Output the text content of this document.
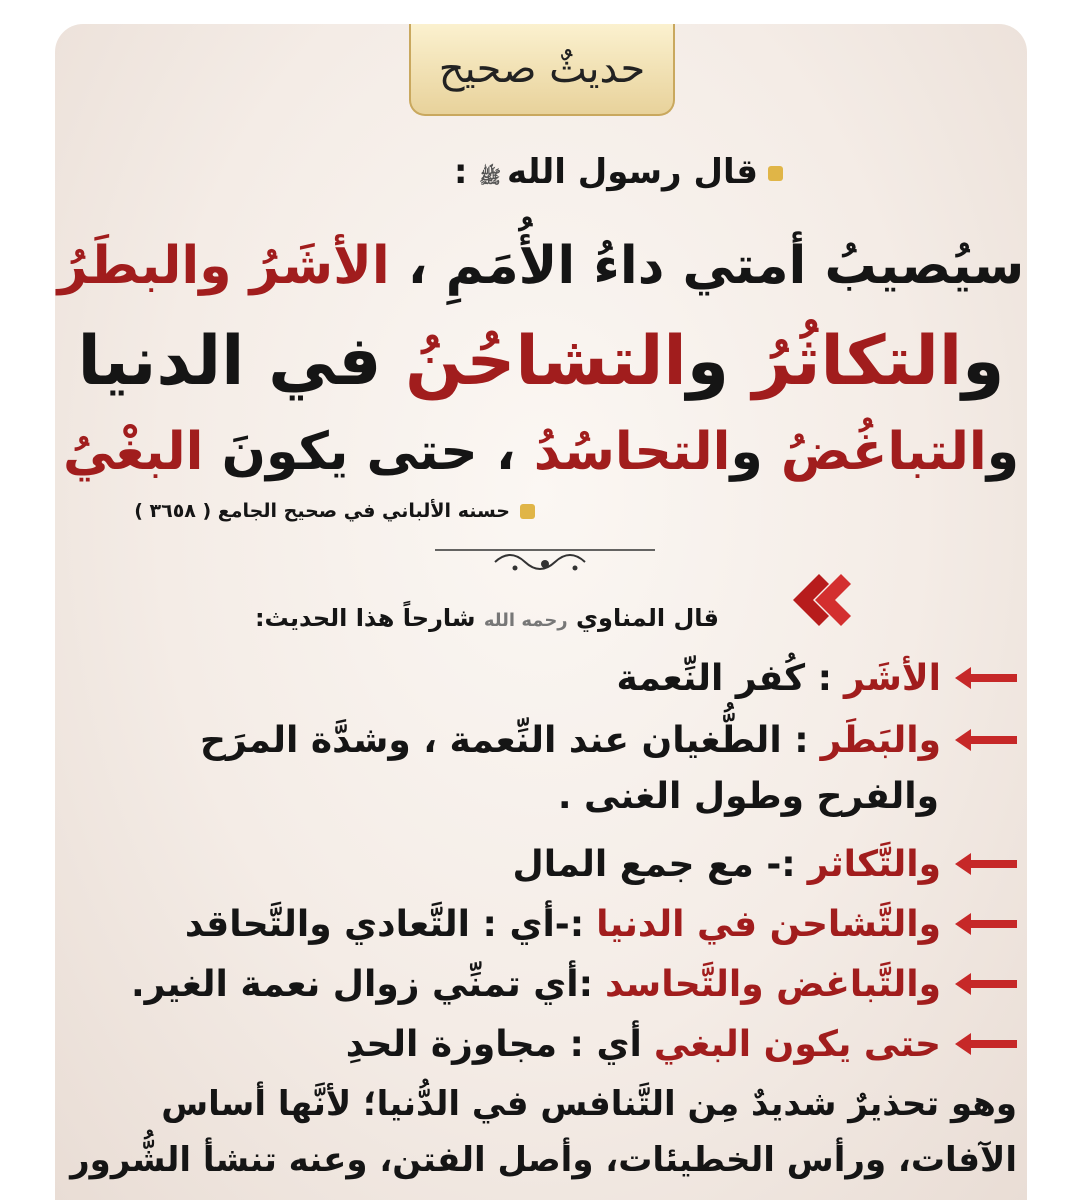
حديثٌ صحيح
قال رسول اللهﷺ :
سيُصيبُ أمتي داءُ الأُمَمِ ، الأشَرُ والبطَرُ
والتكاثُرُ والتشاحُنُ في الدنيا
والتباغُضُ والتحاسُدُ ، حتى يكونَ البغْيُ
حسنه الألباني في صحيح الجامع ( ٣٦٥٨ )
قال المناوي رحمه الله شارحاً هذا الحديث:
الأشَر
: كُفر النِّعمة
والبَطَر
: الطُّغيان عند النِّعمة ، وشدَّة المرَح
والفرح وطول الغنى .
والتَّكاثر
:- مع جمع المال
والتَّشاحن في الدنيا
:-أي : التَّعادي والتَّحاقد
والتَّباغض والتَّحاسد
:أي تمنِّي زوال نعمة الغير.
حتى يكون البغي
أي : مجاوزة الحدِ
وهو تحذيرٌ شديدٌ مِن التَّنافس في الدُّنيا؛ لأنَّها أساس
الآفات، ورأس الخطيئات، وأصل الفتن، وعنه تنشأ الشُّرور
